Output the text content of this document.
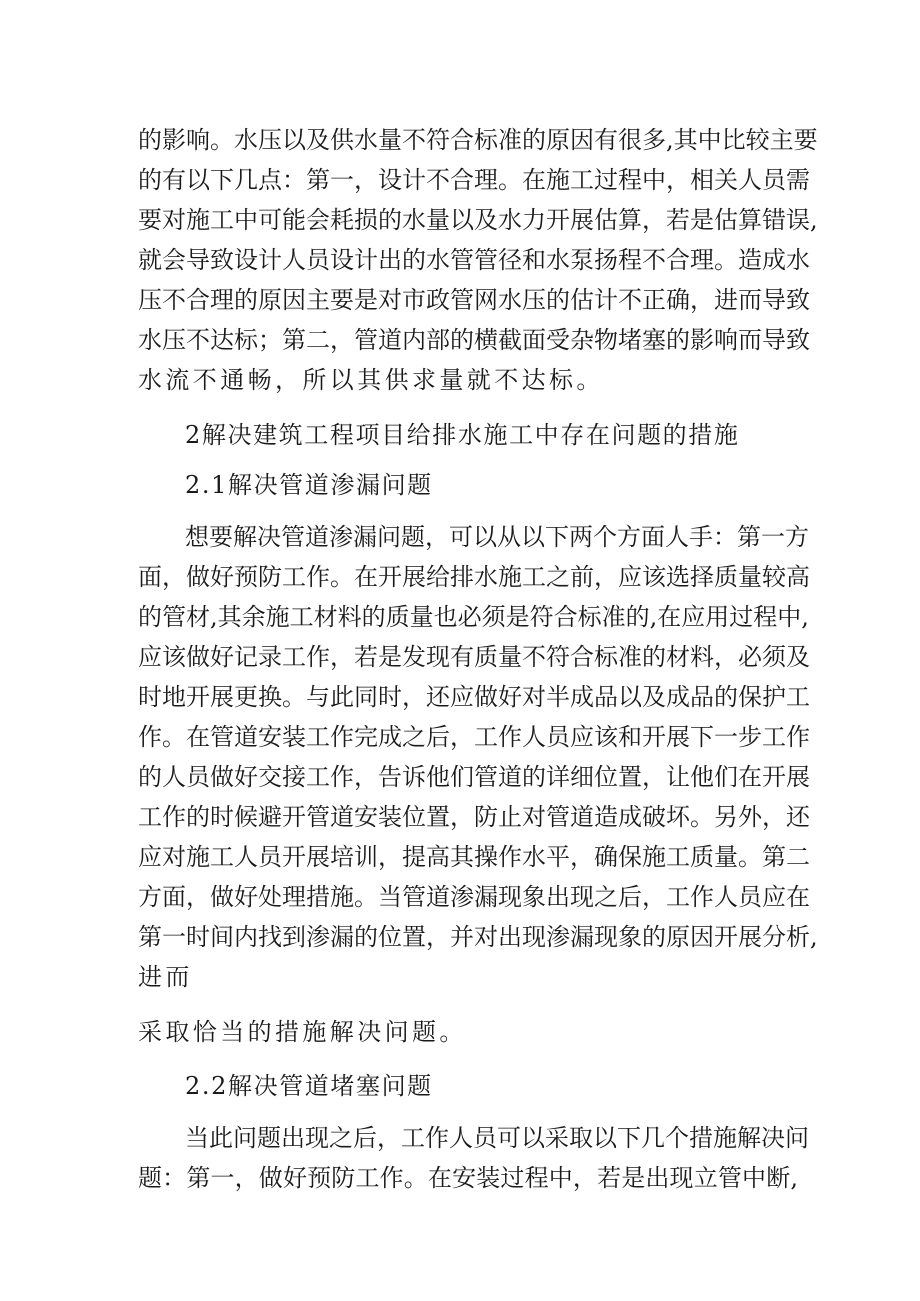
的影响。水压以及供水量不符合标准的原因有很多,其中比较主要
的有以下几点：第一，设计不合理。在施工过程中，相关人员需
要对施工中可能会耗损的水量以及水力开展估算，若是估算错误,
就会导致设计人员设计出的水管管径和水泵扬程不合理。造成水
压不合理的原因主要是对市政管网水压的估计不正确，进而导致
水压不达标；第二，管道内部的横截面受杂物堵塞的影响而导致
水流不通畅，所以其供求量就不达标。
2解决建筑工程项目给排水施工中存在问题的措施
2.1解决管道渗漏问题
想要解决管道渗漏问题，可以从以下两个方面人手：第一方
面，做好预防工作。在开展给排水施工之前，应该选择质量较高
的管材,其余施工材料的质量也必须是符合标准的,在应用过程中,
应该做好记录工作，若是发现有质量不符合标准的材料，必须及
时地开展更换。与此同时，还应做好对半成品以及成品的保护工
作。在管道安装工作完成之后，工作人员应该和开展下一步工作
的人员做好交接工作，告诉他们管道的详细位置，让他们在开展
工作的时候避开管道安装位置，防止对管道造成破坏。另外，还
应对施工人员开展培训，提高其操作水平，确保施工质量。第二
方面，做好处理措施。当管道渗漏现象出现之后，工作人员应在
第一时间内找到渗漏的位置，并对出现渗漏现象的原因开展分析,
进而
采取恰当的措施解决问题。
2.2解决管道堵塞问题
当此问题出现之后，工作人员可以采取以下几个措施解决问
题：第一，做好预防工作。在安装过程中，若是出现立管中断,
